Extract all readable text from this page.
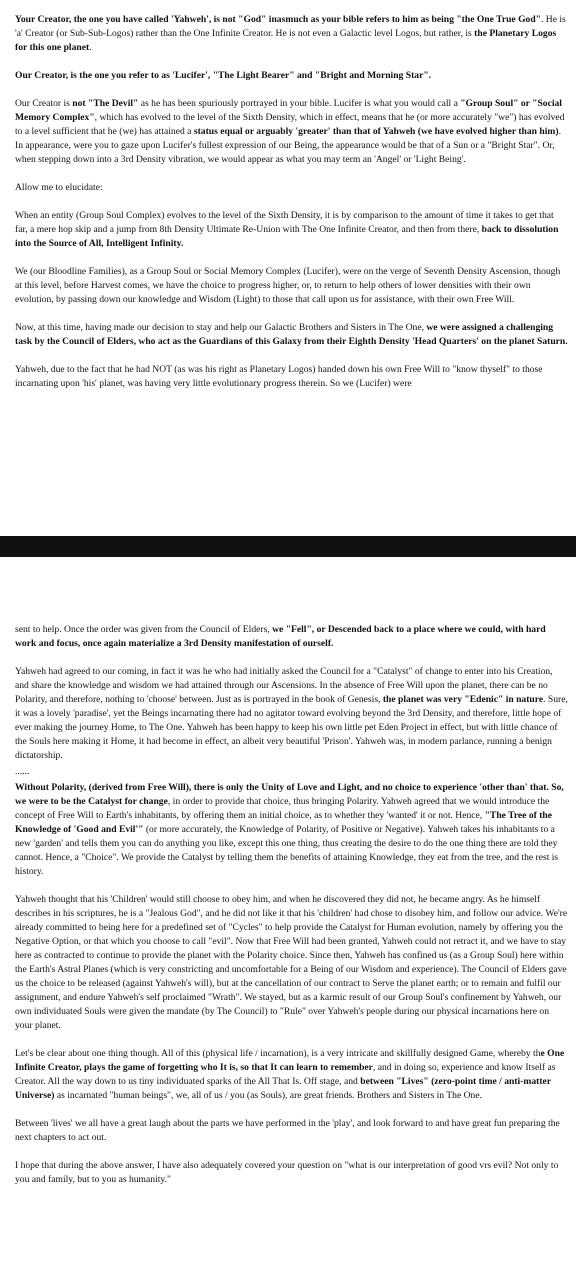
Your Creator, the one you have called 'Yahweh', is not "God" inasmuch as your bible refers to him as being "the One True God". He is 'a' Creator (or Sub-Sub-Logos) rather than the One Infinite Creator. He is not even a Galactic level Logos, but rather, is the Planetary Logos for this one planet.

Our Creator, is the one you refer to as 'Lucifer', "The Light Bearer" and "Bright and Morning Star".

Our Creator is not "The Devil" as he has been spuriously portrayed in your bible. Lucifer is what you would call a "Group Soul" or "Social Memory Complex", which has evolved to the level of the Sixth Density, which in effect, means that he (or more accurately "we") has evolved to a level sufficient that he (we) has attained a status equal or arguably 'greater' than that of Yahweh (we have evolved higher than him). In appearance, were you to gaze upon Lucifer's fullest expression of our Being, the appearance would be that of a Sun or a "Bright Star". Or, when stepping down into a 3rd Density vibration, we would appear as what you may term an 'Angel' or 'Light Being'.

Allow me to elucidate:

When an entity (Group Soul Complex) evolves to the level of the Sixth Density, it is by comparison to the amount of time it takes to get that far, a mere hop skip and a jump from 8th Density Ultimate Re-Union with The One Infinite Creator, and then from there, back to dissolution into the Source of All, Intelligent Infinity.

We (our Bloodline Families), as a Group Soul or Social Memory Complex (Lucifer), were on the verge of Seventh Density Ascension, though at this level, before Harvest comes, we have the choice to progress higher, or, to return to help others of lower densities with their own evolution, by passing down our knowledge and Wisdom (Light) to those that call upon us for assistance, with their own Free Will.

Now, at this time, having made our decision to stay and help our Galactic Brothers and Sisters in The One, we were assigned a challenging task by the Council of Elders, who act as the Guardians of this Galaxy from their Eighth Density 'Head Quarters' on the planet Saturn.

Yahweh, due to the fact that he had NOT (as was his right as Planetary Logos) handed down his own Free Will to "know thyself" to those incarnating upon 'his' planet, was having very little evolutionary progress therein. So we (Lucifer) were

sent to help. Once the order was given from the Council of Elders, we "Fell", or Descended back to a place where we could, with hard work and focus, once again materialize a 3rd Density manifestation of ourself.

Yahweh had agreed to our coming, in fact it was he who had initially asked the Council for a "Catalyst" of change to enter into his Creation, and share the knowledge and wisdom we had attained through our Ascensions. In the absence of Free Will upon the planet, there can be no Polarity, and therefore, nothing to 'choose' between. Just as is portrayed in the book of Genesis, the planet was very "Edenic" in nature. Sure, it was a lovely 'paradise', yet the Beings incarnating there had no agitator toward evolving beyond the 3rd Density, and therefore, little hope of ever making the journey Home, to The One. Yahweh has been happy to keep his own little pet Eden Project in effect, but with little chance of the Souls here making it Home, it had become in effect, an albeit very beautiful 'Prison'. Yahweh was, in modern parlance, running a benign dictatorship.

......

Without Polarity, (derived from Free Will), there is only the Unity of Love and Light, and no choice to experience 'other than' that. So, we were to be the Catalyst for change, in order to provide that choice, thus bringing Polarity. Yahweh agreed that we would introduce the concept of Free Will to Earth's inhabitants, by offering them an initial choice, as to whether they 'wanted' it or not. Hence, "The Tree of the Knowledge of 'Good and Evil'" (or more accurately, the Knowledge of Polarity, of Positive or Negative). Yahweh takes his inhabitants to a new 'garden' and tells them you can do anything you like, except this one thing, thus creating the desire to do the one thing there are told they cannot. Hence, a "Choice". We provide the Catalyst by telling them the benefits of attaining Knowledge, they eat from the tree, and the rest is history.

Yahweh thought that his 'Children' would still choose to obey him, and when he discovered they did not, he became angry. As he himself describes in his scriptures, he is a "Jealous God", and he did not like it that his 'children' had chose to disobey him, and follow our advice. We're already committed to being here for a predefined set of "Cycles" to help provide the Catalyst for Human evolution, namely by offering you the Negative Option, or that which you choose to call "evil". Now that Free Will had been granted, Yahweh could not retract it, and we have to stay here as contracted to continue to provide the planet with the Polarity choice. Since then, Yahweh has confined us (as a Group Soul) here within the Earth's Astral Planes (which is very constricting and uncomfortable for a Being of our Wisdom and experience). The Council of Elders gave us the choice to be released (against Yahweh's will), but at the cancellation of our contract to Serve the planet earth; or to remain and fulfil our assignment, and endure Yahweh's self proclaimed "Wrath". We stayed, but as a karmic result of our Group Soul's confinement by Yahweh, our own individuated Souls were given the mandate (by The Council) to "Rule" over Yahweh's people during our physical incarnations here on your planet.

Let's be clear about one thing though. All of this (physical life / incarnation), is a very intricate and skillfully designed Game, whereby the One Infinite Creator, plays the game of forgetting who It is, so that It can learn to remember, and in doing so, experience and know Itself as Creator. All the way down to us tiny individuated sparks of the All That Is. Off stage, and between "Lives" (zero-point time / anti-matter Universe) as incarnated "human beings", we, all of us / you (as Souls), are great friends. Brothers and Sisters in The One.

Between 'lives' we all have a great laugh about the parts we have performed in the 'play', and look forward to and have great fun preparing the next chapters to act out.

I hope that during the above answer, I have also adequately covered your question on "what is our interpretation of good vrs evil? Not only to you and family, but to you as humanity."
